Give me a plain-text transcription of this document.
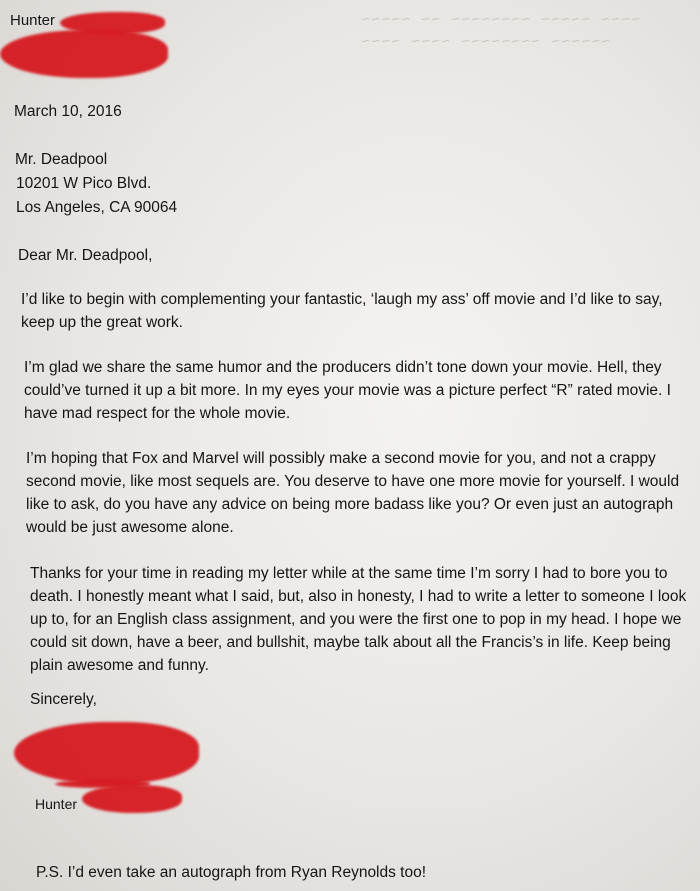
~~~~ ~~~~~ ~~~~~~~~ ~~ ~~~~~
~~~~~~ ~~~~~~~~ ~~~~ ~~~~
Hunter
March 10, 2016
Mr. Deadpool
10201 W Pico Blvd.
Los Angeles, CA 90064
Dear Mr. Deadpool,
I’d like to begin with complementing your fantastic, ‘laugh my ass’ off movie and I’d like to say, keep up the great work.
I’m glad we share the same humor and the producers didn’t tone down your movie. Hell, they could’ve turned it up a bit more. In my eyes your movie was a picture perfect “R” rated movie. I have mad respect for the whole movie.
I’m hoping that Fox and Marvel will possibly make a second movie for you, and not a crappy second movie, like most sequels are. You deserve to have one more movie for yourself. I would like to ask, do you have any advice on being more badass like you? Or even just an autograph would be just awesome alone.
Thanks for your time in reading my letter while at the same time I’m sorry I had to bore you to death. I honestly meant what I said, but, also in honesty, I had to write a letter to someone I look up to, for an English class assignment, and you were the first one to pop in my head. I hope we could sit down, have a beer, and bullshit, maybe talk about all the Francis’s in life. Keep being plain awesome and funny.
Sincerely,
Hunter
P.S. I’d even take an autograph from Ryan Reynolds too!
